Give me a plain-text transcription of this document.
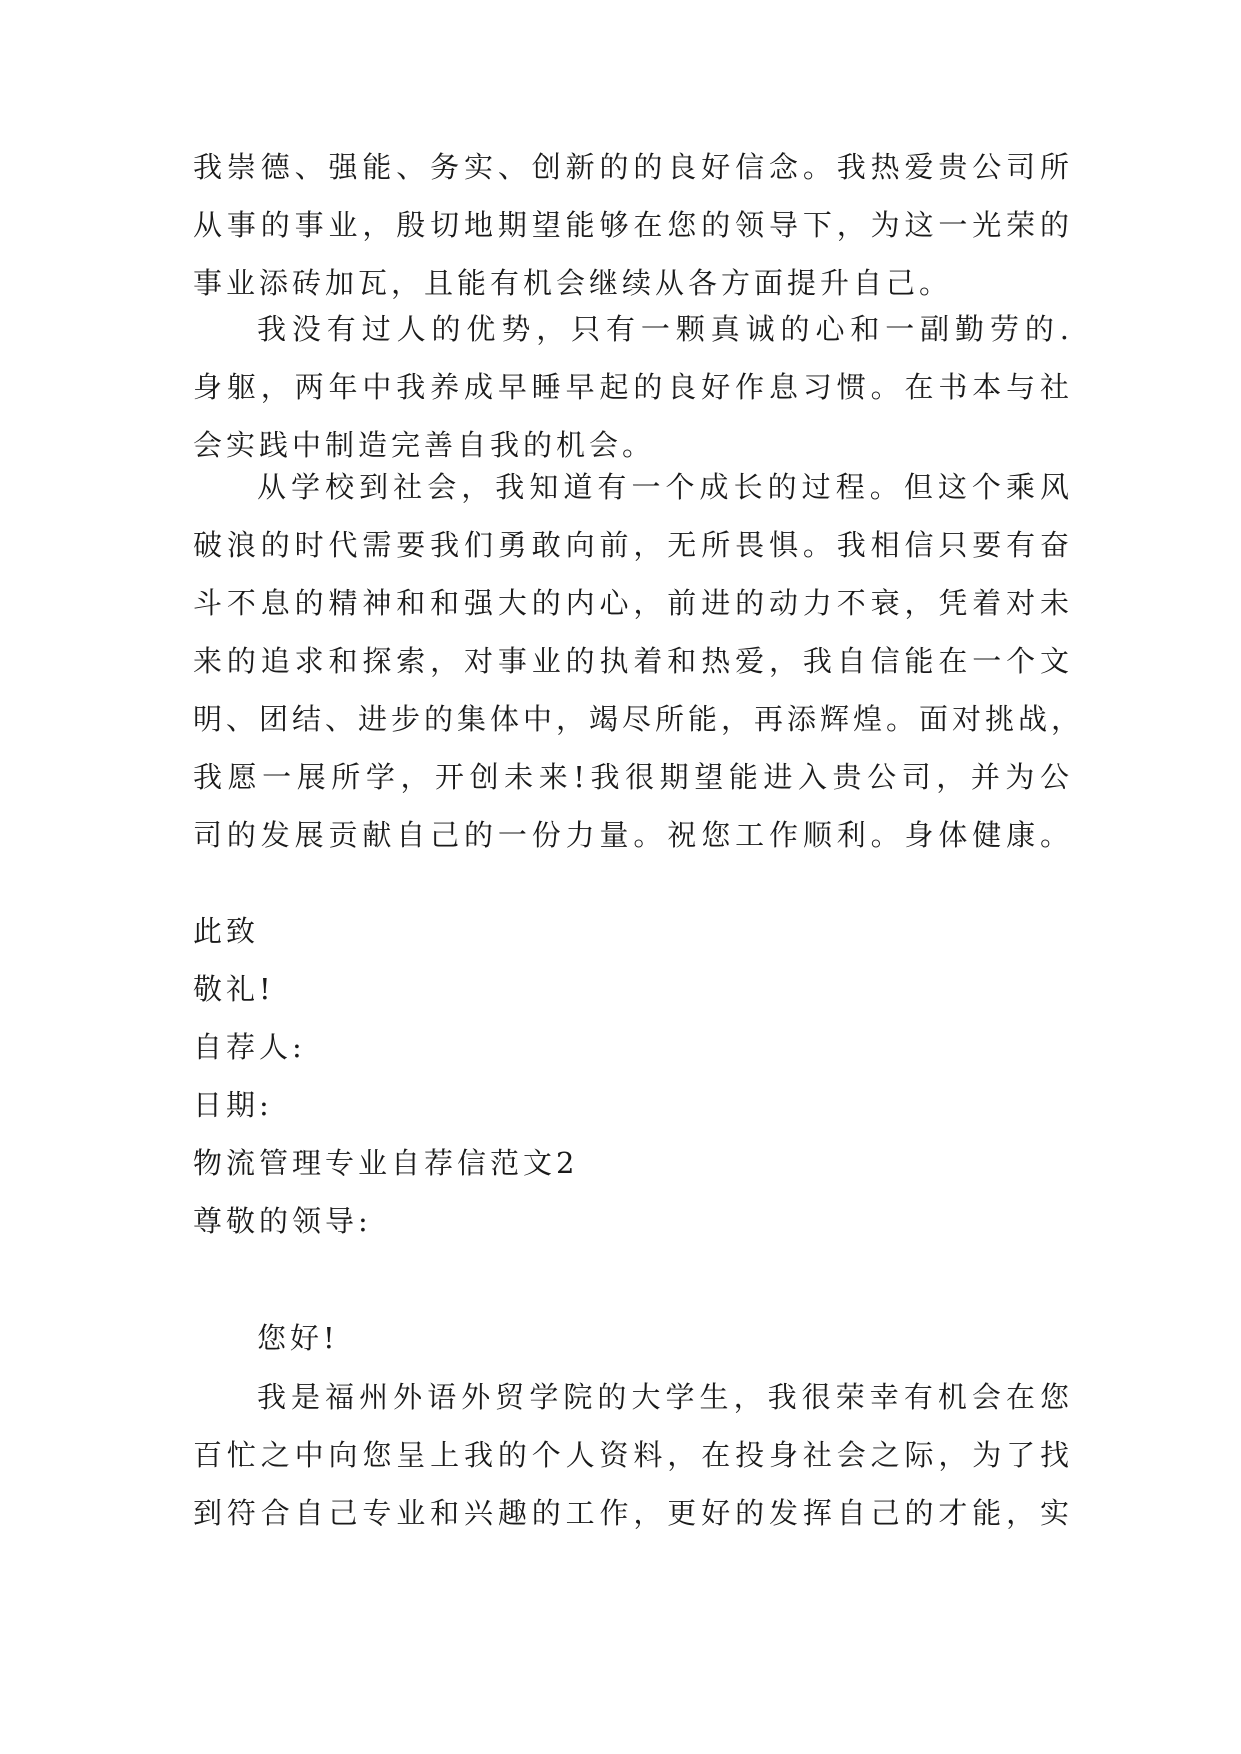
我崇德、强能、务实、创新的的良好信念。我热爱贵公司所
从事的事业，殷切地期望能够在您的领导下，为这一光荣的
事业添砖加瓦，且能有机会继续从各方面提升自己。
我没有过人的优势，只有一颗真诚的心和一副勤劳的.
身躯，两年中我养成早睡早起的良好作息习惯。在书本与社
会实践中制造完善自我的机会。
从学校到社会，我知道有一个成长的过程。但这个乘风
破浪的时代需要我们勇敢向前，无所畏惧。我相信只要有奋
斗不息的精神和和强大的内心，前进的动力不衰，凭着对未
来的追求和探索，对事业的执着和热爱，我自信能在一个文
明、团结、进步的集体中，竭尽所能，再添辉煌。面对挑战，
我愿一展所学，开创未来!我很期望能进入贵公司，并为公
司的发展贡献自己的一份力量。祝您工作顺利。身体健康。

此致

敬礼!

自荐人:

日期:

物流管理专业自荐信范文2

尊敬的领导:

您好!

我是福州外语外贸学院的大学生，我很荣幸有机会在您
百忙之中向您呈上我的个人资料，在投身社会之际，为了找
到符合自己专业和兴趣的工作，更好的发挥自己的才能，实
